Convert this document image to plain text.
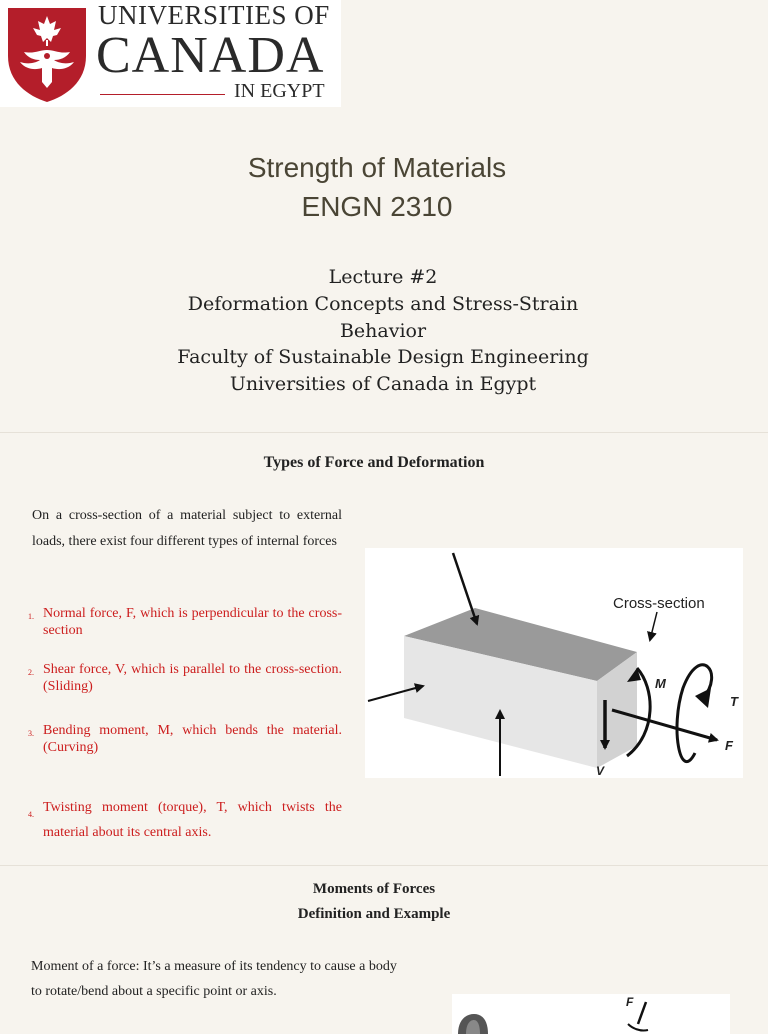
UNIVERSITIES OF
CANADA
IN EGYPT
Strength of Materials
ENGN 2310
Lecture #2
Deformation Concepts and Stress-Strain
Behavior
Faculty of Sustainable Design Engineering
Universities of Canada in Egypt
Types of Force and Deformation
On a cross-section of a material subject to external loads, there exist four different types of internal forces
1. Normal force, F, which is perpendicular to the cross-section
2. Shear force, V, which is parallel to the cross-section. (Sliding)
3. Bending moment, M, which bends the material. (Curving)
4. Twisting moment (torque), T, which twists the material about its central axis.
Cross-section
M
T
F
V
Moments of Forces
Definition and Example
Moment of a force: It’s a measure of its tendency to cause a body to rotate/bend about a specific point or axis.
F
